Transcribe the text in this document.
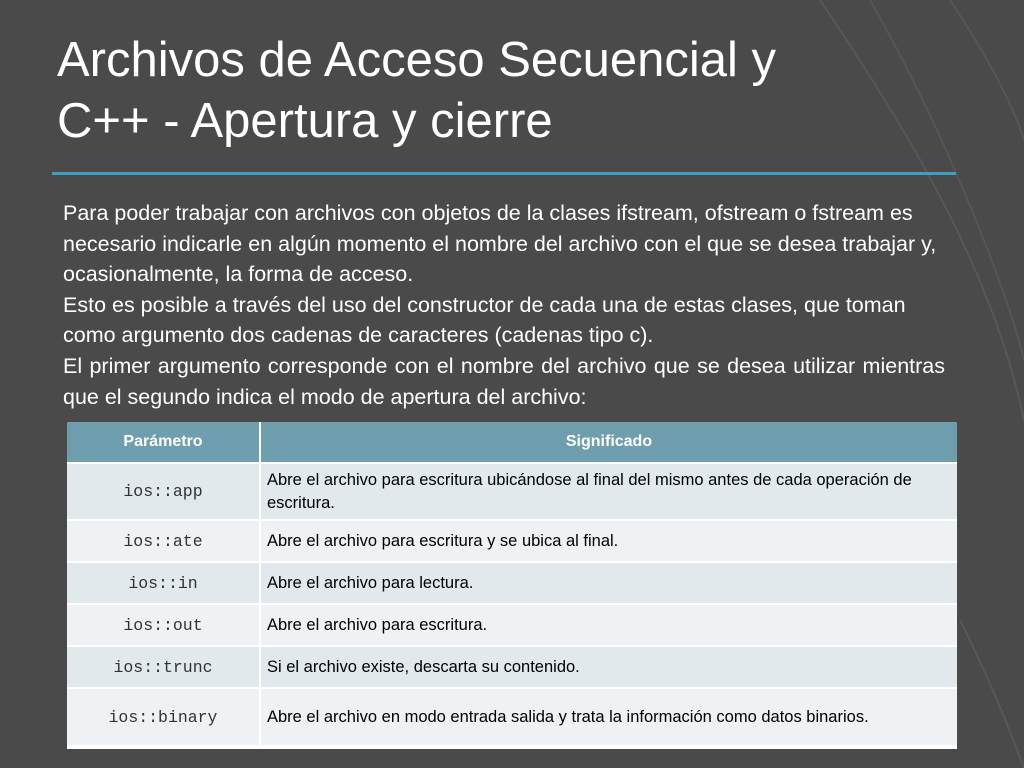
Archivos de Acceso Secuencial y
C++ - Apertura y cierre

Para poder trabajar con archivos con objetos de la clases ifstream, ofstream o fstream es necesario indicarle en algún momento el nombre del archivo con el que se desea trabajar y, ocasionalmente, la forma de acceso.

Esto es posible a través del uso del constructor de cada una de estas clases, que toman como argumento dos cadenas de caracteres (cadenas tipo c).

El primer argumento corresponde con el nombre del archivo que se desea utilizar mientras que el segundo indica el modo de apertura del archivo:

Parámetro	Significado
ios::app	Abre el archivo para escritura ubicándose al final del mismo antes de cada operación de escritura.
ios::ate	Abre el archivo para escritura y se ubica al final.
ios::in	Abre el archivo para lectura.
ios::out	Abre el archivo para escritura.
ios::trunc	Si el archivo existe, descarta su contenido.
ios::binary	Abre el archivo en modo entrada salida y trata la información como datos binarios.
